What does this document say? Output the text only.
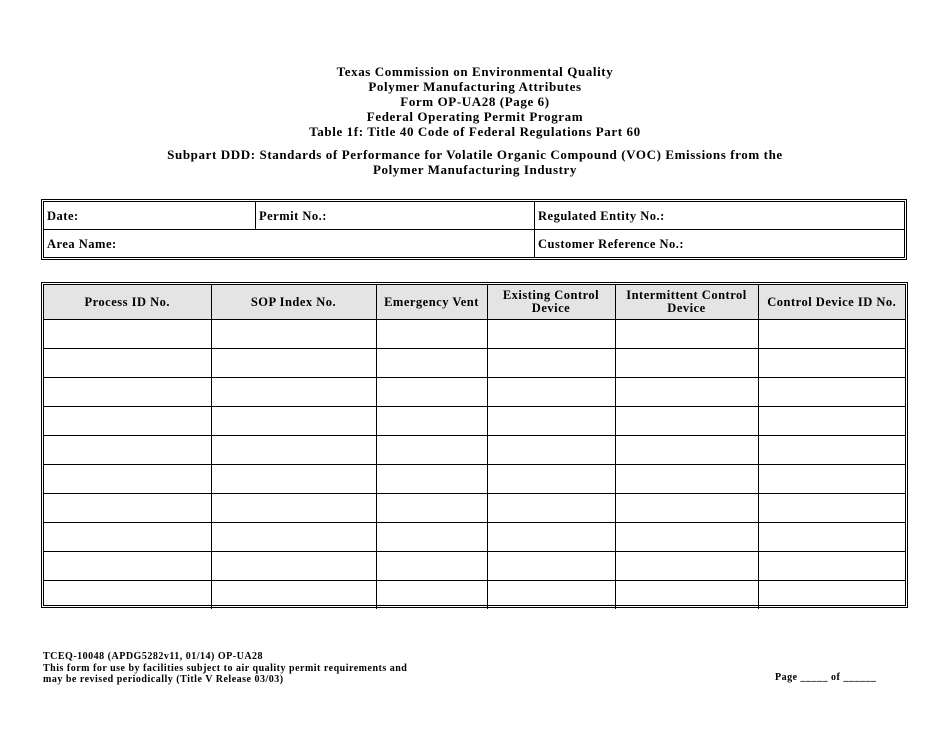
Texas Commission on Environmental Quality
Polymer Manufacturing Attributes
Form OP-UA28 (Page 6)
Federal Operating Permit Program
Table 1f: Title 40 Code of Federal Regulations Part 60
Subpart DDD: Standards of Performance for Volatile Organic Compound (VOC) Emissions from the
Polymer Manufacturing Industry
Date:	Permit No.:	Regulated Entity No.:
Area Name:	Customer Reference No.:
Process ID No.	SOP Index No.	Emergency Vent	Existing Control Device	Intermittent Control Device	Control Device ID No.

TCEQ-10048 (APDG5282v11, 01/14) OP-UA28
This form for use by facilities subject to air quality permit requirements and
may be revised periodically (Title V Release 03/03)	Page _____ of ______
